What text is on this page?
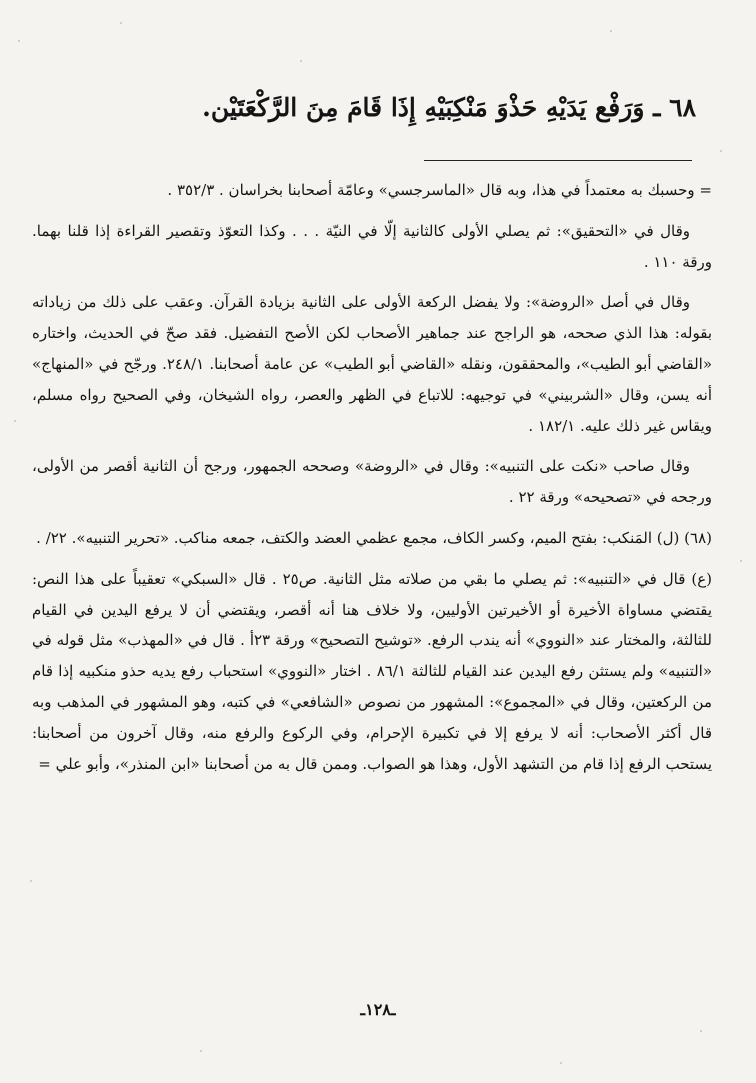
٦٨ ـ وَرَفْع يَدَيْهِ حَذْوَ مَنْكِبَيْهِ إِذَا قَامَ مِنَ الرَّكْعَتَيْن.

= وحسبك به معتمداً في هذا، وبه قال «الماسرجسي» وعامّة أصحابنا بخراسان . ٣٥٢/٣ .

وقال في «التحقيق»: ثم يصلي الأولى كالثانية إلّا في النيّة . . . وكذا التعوّذ وتقصير القراءة إذا قلنا بهما. ورقة ١١٠ .

وقال في أصل «الروضة»: ولا يفضل الركعة الأولى على الثانية بزيادة القرآن. وعقب على ذلك من زياداته بقوله: هذا الذي صححه، هو الراجح عند جماهير الأصحاب لكن الأصح التفضيل. فقد صحّ في الحديث، واختاره «القاضي أبو الطيب»، والمحققون، ونقله «القاضي أبو الطيب» عن عامة أصحابنا. ٢٤٨/١. ورجّح في «المنهاج» أنه يسن، وقال «الشربيني» في توجيهه: للاتباع في الظهر والعصر، رواه الشيخان، وفي الصحيح رواه مسلم، ويقاس غير ذلك عليه. ١٨٢/١ .

وقال صاحب «نكت على التنبيه»: وقال في «الروضة» وصححه الجمهور، ورجح أن الثانية أقصر من الأولى، ورجحه في «تصحيحه» ورقة ٢٢ .

(٦٨) (ل) المَنكب: بفتح الميم، وكسر الكاف، مجمع عظمي العضد والكتف، جمعه مناكب. «تحرير التنبيه». ٢٢/ .

(ع) قال في «التنبيه»: ثم يصلي ما بقي من صلاته مثل الثانية. ص٢٥ . قال «السبكي» تعقيباً على هذا النص: يقتضي مساواة الأخيرة أو الأخيرتين الأوليين، ولا خلاف هنا أنه أقصر، ويقتضي أن لا يرفع اليدين في القيام للثالثة، والمختار عند «النووي» أنه يندب الرفع. «توشيح التصحيح» ورقة ٢٣أ . قال في «المهذب» مثل قوله في «التنبيه» ولم يستثن رفع اليدين عند القيام للثالثة ٨٦/١ . اختار «النووي» استحباب رفع يديه حذو منكبيه إذا قام من الركعتين، وقال في «المجموع»: المشهور من نصوص «الشافعي» في كتبه، وهو المشهور في المذهب وبه قال أكثر الأصحاب: أنه لا يرفع إلا في تكبيرة الإحرام، وفي الركوع والرفع منه، وقال آخرون من أصحابنا: يستحب الرفع إذا قام من التشهد الأول، وهذا هو الصواب. وممن قال به من أصحابنا «ابن المنذر»، وأبو علي =

ـ١٢٨ـ
